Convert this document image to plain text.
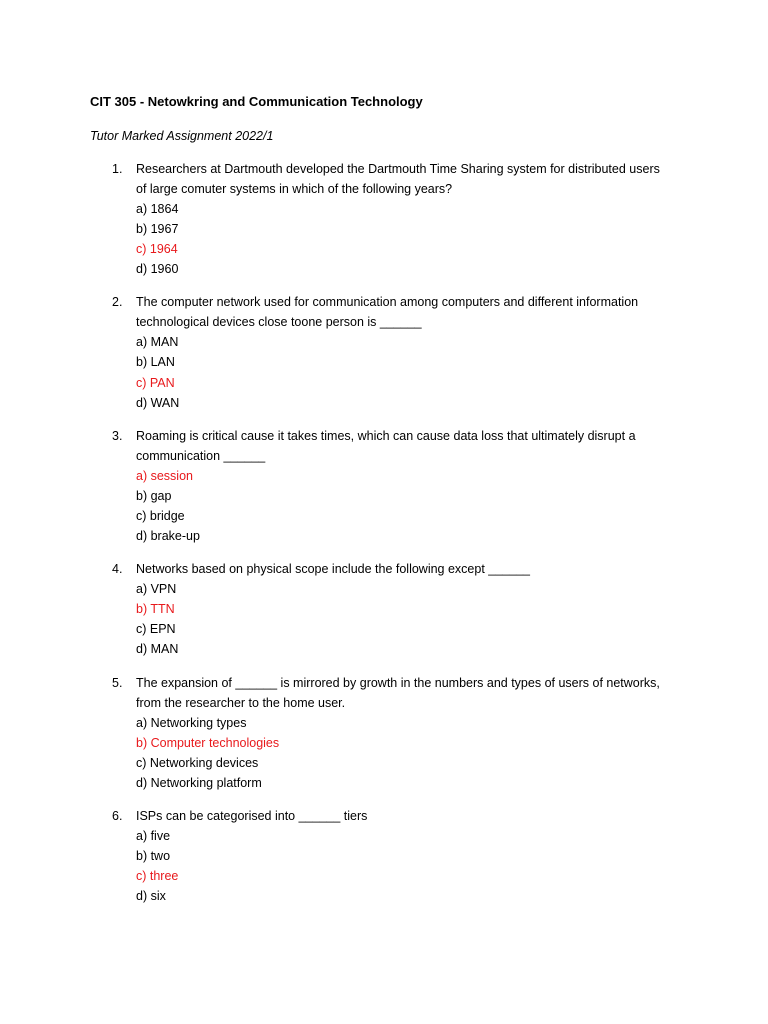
CIT 305 - Netowkring and Communication Technology
Tutor Marked Assignment 2022/1
1. Researchers at Dartmouth developed the Dartmouth Time Sharing system for distributed users
of large comuter systems in which of the following years?
a) 1864
b) 1967
c) 1964
d) 1960
2. The computer network used for communication among computers and different information
technological devices close toone person is ______
a) MAN
b) LAN
c) PAN
d) WAN
3. Roaming is critical cause it takes times, which can cause data loss that ultimately disrupt a
communication ______
a) session
b) gap
c) bridge
d) brake-up
4. Networks based on physical scope include the following except ______
a) VPN
b) TTN
c) EPN
d) MAN
5. The expansion of ______ is mirrored by growth in the numbers and types of users of networks,
from the researcher to the home user.
a) Networking types
b) Computer technologies
c) Networking devices
d) Networking platform
6. ISPs can be categorised into ______ tiers
a) five
b) two
c) three
d) six
